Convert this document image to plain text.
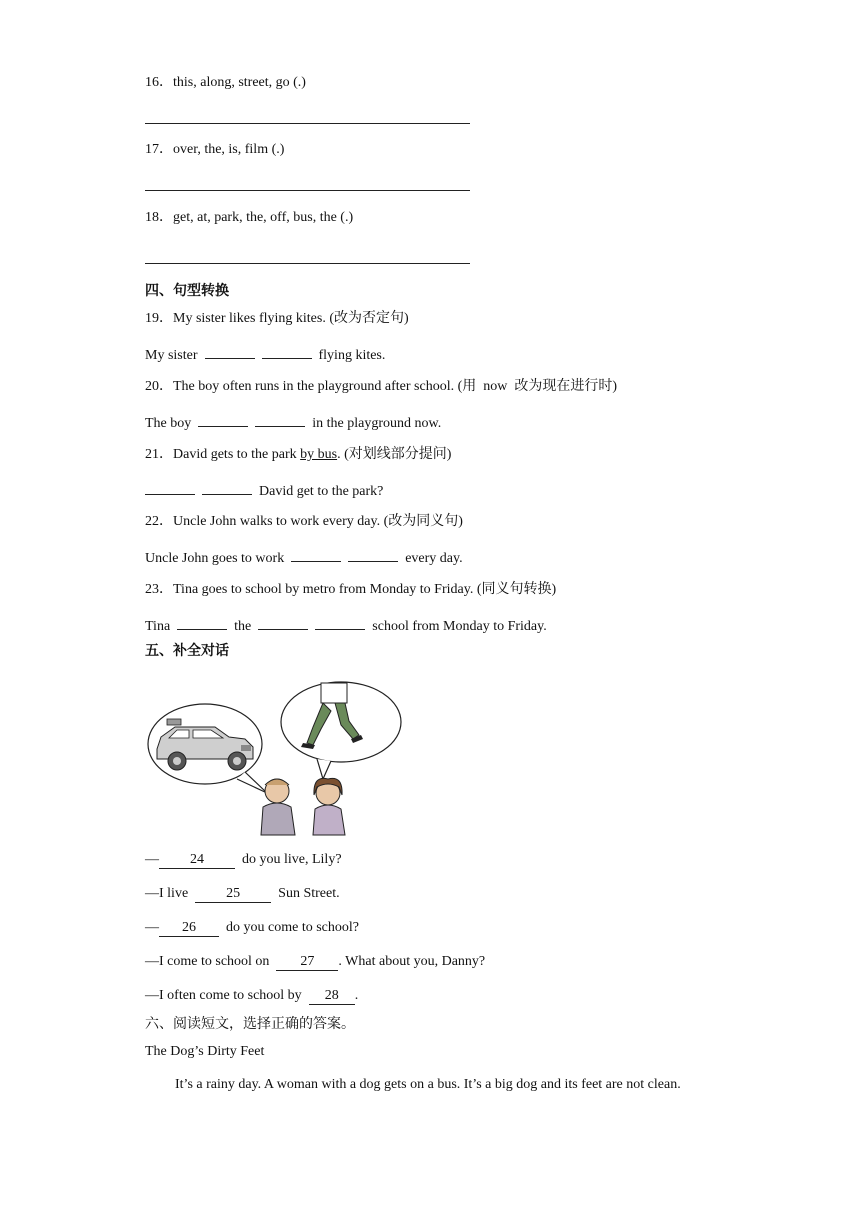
16．this, along, street, go (.)
17．over, the, is, film (.)
18．get, at, park, the, off, bus, the (.)
四、句型转换
19．My sister likes flying kites. (改为否定句)
My sister	flying kites.
20．The boy often runs in the playground after school. (用 now 改为现在进行时)
The boy	in the playground now.
21．David gets to the park by bus. (对划线部分提问)
David get to the park?
22．Uncle John walks to work every day. (改为同义句)
Uncle John goes to work	every day.
23．Tina goes to school by metro from Monday to Friday. (同义句转换)
Tina	the	school from Monday to Friday.
五、补全对话
— 24	do you live, Lily?
—I live	25	Sun Street.
— 26 do you come to school?
—I come to school on 27 . What about you, Danny?
—I often come to school by 28 .
六、阅读短文，选择正确的答案。
The Dog’s Dirty Feet
It’s a rainy day. A woman with a dog gets on a bus. It’s a big dog and its feet are not clean.
